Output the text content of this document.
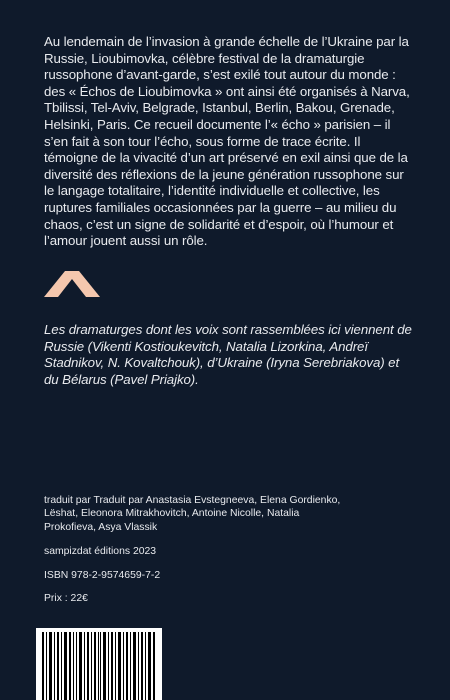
Au lendemain de l’invasion à grande échelle de l’Ukraine par la Russie, Lioubimovka, célèbre festival de la dramaturgie russophone d’avant-garde, s’est exilé tout autour du monde : des « Échos de Lioubimovka » ont ainsi été organisés à Narva, Tbilissi, Tel-Aviv, Belgrade, Istanbul, Berlin, Bakou, Grenade, Helsinki, Paris. Ce recueil documente l’« écho » parisien – il s’en fait à son tour l’écho, sous forme de trace écrite. Il témoigne de la vivacité d’un art préservé en exil ainsi que de la diversité des réflexions de la jeune génération russophone sur le langage totalitaire, l’identité individuelle et collective, les ruptures familiales occasionnées par la guerre – au milieu du chaos, c’est un signe de solidarité et d’espoir, où l’humour et l’amour jouent aussi un rôle.

Les dramaturges dont les voix sont rassemblées ici viennent de Russie (Vikenti Kostioukevitch, Natalia Lizorkina, Andreï Stadnikov, N. Kovaltchouk), d’Ukraine (Iryna Serebriakova) et du Bélarus (Pavel Priajko).

traduit par Traduit par Anastasia Evstegneeva, Elena Gordienko, Lëshat, Eleonora Mitrakhovitch, Antoine Nicolle, Natalia Prokofieva, Asya Vlassik

sampizdat éditions 2023

ISBN 978-2-9574659-7-2

Prix : 22€
